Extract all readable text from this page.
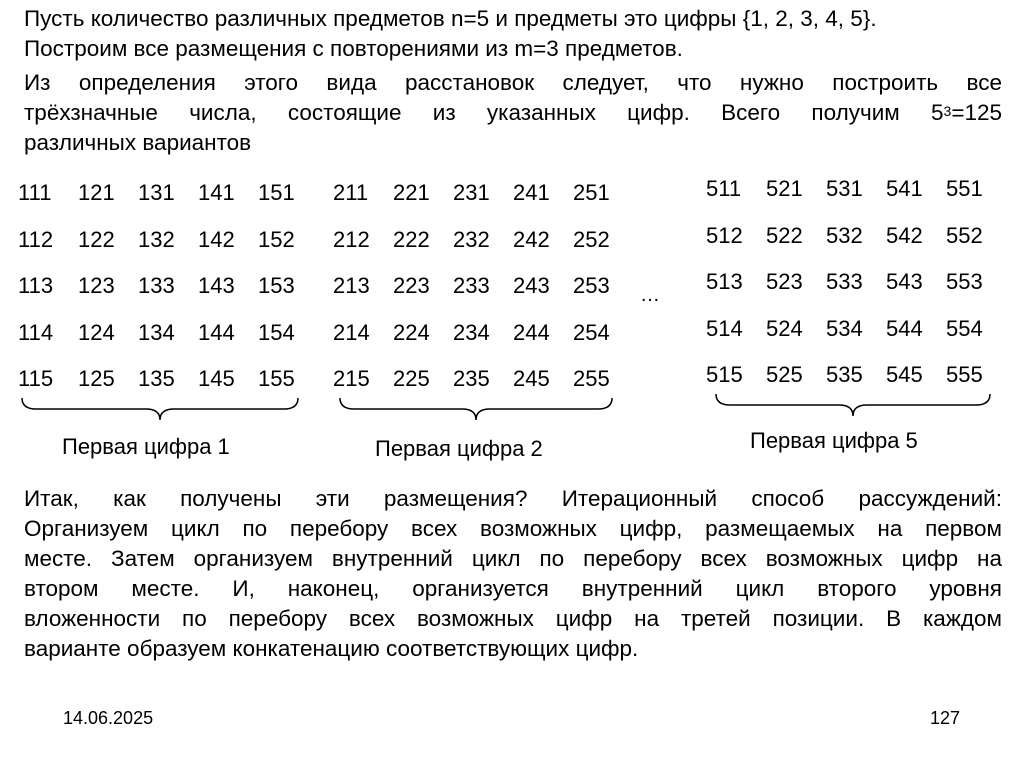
Пусть количество различных предметов n=5 и предметы это цифры {1, 2, 3, 4, 5}.
Построим все размещения с повторениями из m=3 предметов.
Из определения этого вида расстановок следует, что нужно построить все
трёхзначные числа, состоящие из указанных цифр. Всего получим $5^3=125$
различных вариантов
111	121	131	141	151
112	122	132	142	152
113	123	133	143	153
114	124	134	144	154
115	125	135	145	155
211	221	231	241	251
212	222	232	242	252
213	223	233	243	253
214	224	234	244	254
215	225	235	245	255
511	521	531	541	551
512	522	532	542	552
513	523	533	543	553
514	524	534	544	554
515	525	535	545	555
Первая цифра 1	Первая цифра 2	Первая цифра 5
…
Итак, как получены эти размещения? Итерационный способ рассуждений:
Организуем цикл по перебору всех возможных цифр, размещаемых на первом
месте. Затем организуем внутренний цикл по перебору всех возможных цифр на
втором месте. И, наконец, организуется внутренний цикл второго уровня
вложенности по перебору всех возможных цифр на третей позиции. В каждом
варианте образуем конкатенацию соответствующих цифр.
14.06.2025	127
